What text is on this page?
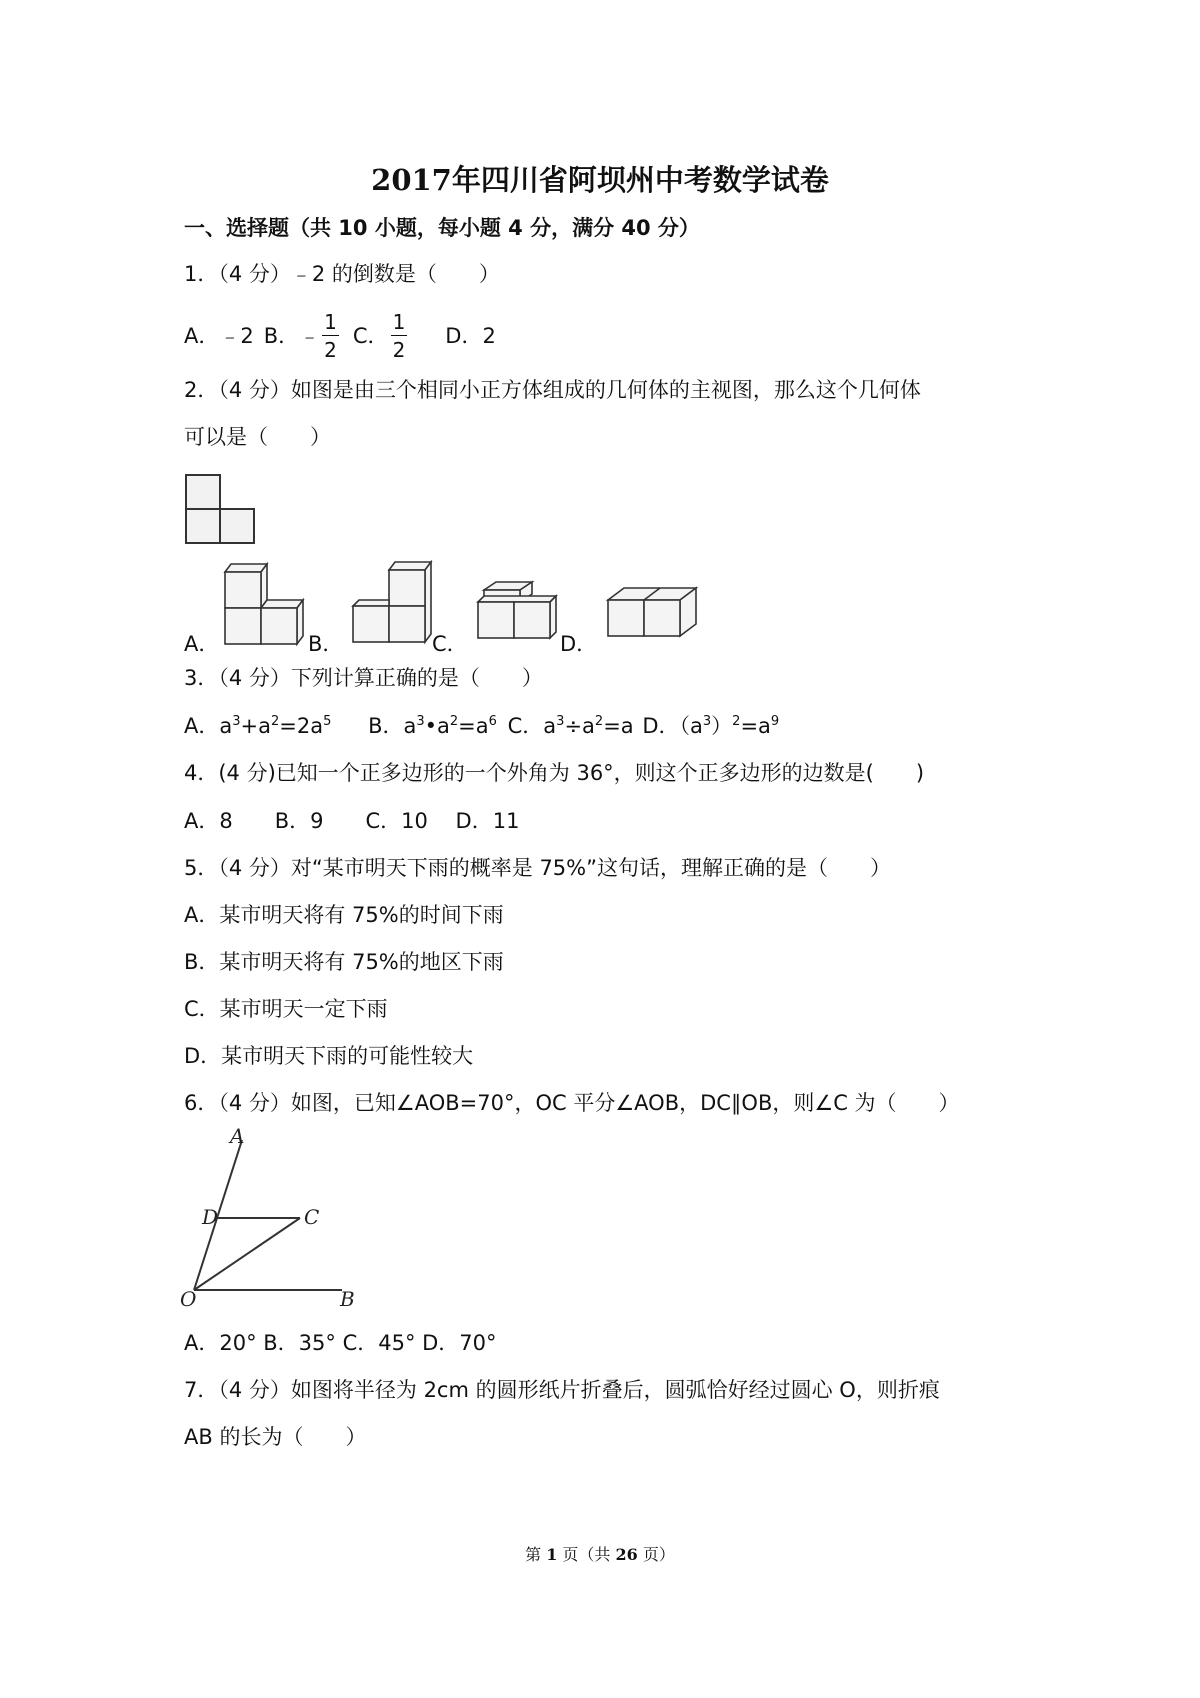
2017年四川省阿坝州中考数学试卷
一、选择题（共 10 小题，每小题 4 分，满分 40 分）
1．（4 分）﹣2 的倒数是（　　）
A．﹣2 B．﹣ $\frac{1}{2}$ C． $\frac{1}{2}$ D．2
2．（4 分）如图是由三个相同小正方体组成的几何体的主视图，那么这个几何体
可以是（　　）
A．	B．	C．	D．
3．（4 分）下列计算正确的是（　　）
A．$a^3+a^2=2a^5$ B．$a^3•a^2=a^6$ C．$a^3\div a^2=a$ D．$(a^3)^2=a^9$
4．(4 分)已知一个正多边形的一个外角为 36°，则这个正多边形的边数是(　　)
A．8　　B．9　　C．10　 D．11
5．（4 分）对“某市明天下雨的概率是 75%”这句话，理解正确的是（　　）
A．某市明天将有 75%的时间下雨
B．某市明天将有 75%的地区下雨
C．某市明天一定下雨
D．某市明天下雨的可能性较大
6．（4 分）如图，已知∠AOB=70°，OC 平分∠AOB，DC∥OB，则∠C 为（　　）
A
D	C
O	B
A．20° B．35° C．45° D．70°
7．（4 分）如图将半径为 2cm 的圆形纸片折叠后，圆弧恰好经过圆心 O，则折痕
AB 的长为（　　）
第 1 页（共 26 页）
